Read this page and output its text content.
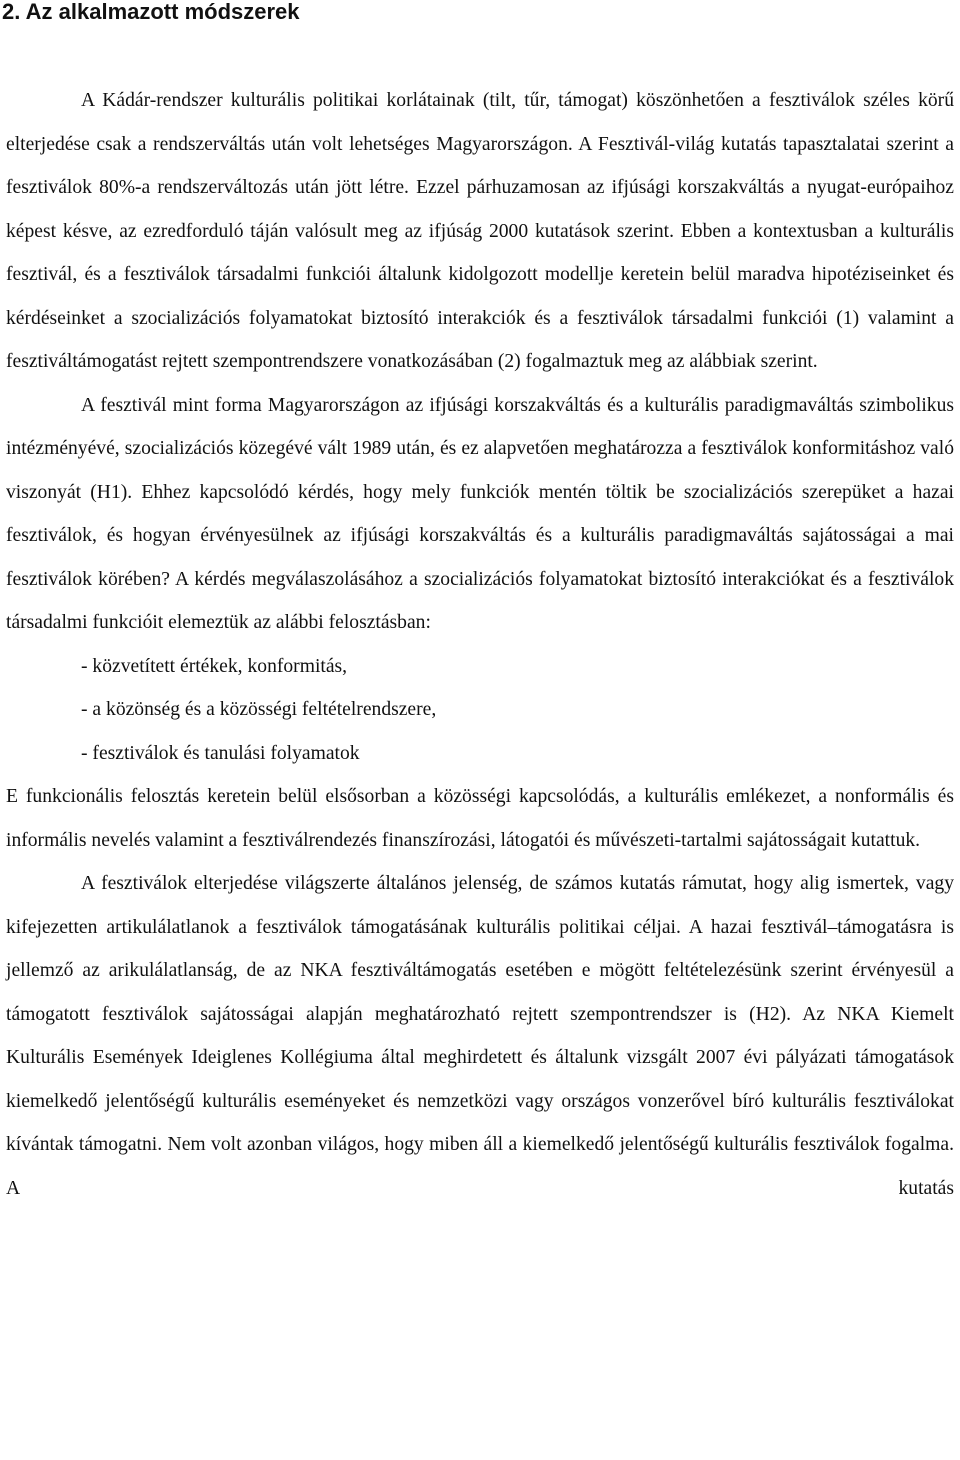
2. Az alkalmazott módszerek

A Kádár-rendszer kulturális politikai korlátainak (tilt, tűr, támogat) köszönhetően a fesztiválok széles körű elterjedése csak a rendszerváltás után volt lehetséges Magyarországon. A Fesztivál-világ kutatás tapasztalatai szerint a fesztiválok 80%-a rendszerváltozás után jött létre. Ezzel párhuzamosan az ifjúsági korszakváltás a nyugat-európaihoz képest késve, az ezredforduló táján valósult meg az ifjúság 2000 kutatások szerint. Ebben a kontextusban a kulturális fesztivál, és a fesztiválok társadalmi funkciói általunk kidolgozott modellje keretein belül maradva hipotéziseinket és kérdéseinket a szocializációs folyamatokat biztosító interakciók és a fesztiválok társadalmi funkciói (1) valamint a fesztiváltámogatást rejtett szempontrendszere vonatkozásában (2) fogalmaztuk meg az alábbiak szerint.

A fesztivál mint forma Magyarországon az ifjúsági korszakváltás és a kulturális paradigmaváltás szimbolikus intézményévé, szocializációs közegévé vált 1989 után, és ez alapvetően meghatározza a fesztiválok konformitáshoz való viszonyát (H1). Ehhez kapcsolódó kérdés, hogy mely funkciók mentén töltik be szocializációs szerepüket a hazai fesztiválok, és hogyan érvényesülnek az ifjúsági korszakváltás és a kulturális paradigmaváltás sajátosságai a mai fesztiválok körében? A kérdés megválaszolásához a szocializációs folyamatokat biztosító interakciókat és a fesztiválok társadalmi funkcióit elemeztük az alábbi felosztásban:

- közvetített értékek, konformitás,

- a közönség és a közösségi feltételrendszere,

- fesztiválok és tanulási folyamatok

E funkcionális felosztás keretein belül elsősorban a közösségi kapcsolódás, a kulturális emlékezet, a nonformális és informális nevelés valamint a fesztiválrendezés finanszírozási, látogatói és művészeti-tartalmi sajátosságait kutattuk.

A fesztiválok elterjedése világszerte általános jelenség, de számos kutatás rámutat, hogy alig ismertek, vagy kifejezetten artikulálatlanok a fesztiválok támogatásának kulturális politikai céljai. A hazai fesztivál–támogatásra is jellemző az arikulálatlanság, de az NKA fesztiváltámogatás esetében e mögött feltételezésünk szerint érvényesül a támogatott fesztiválok sajátosságai alapján meghatározható rejtett szempontrendszer is (H2). Az NKA Kiemelt Kulturális Események Ideiglenes Kollégiuma által meghirdetett és általunk vizsgált 2007 évi pályázati támogatások kiemelkedő jelentőségű kulturális eseményeket és nemzetközi vagy országos vonzerővel bíró kulturális fesztiválokat kívántak támogatni. Nem volt azonban világos, hogy miben áll a kiemelkedő jelentőségű kulturális fesztiválok fogalma. A kutatás
